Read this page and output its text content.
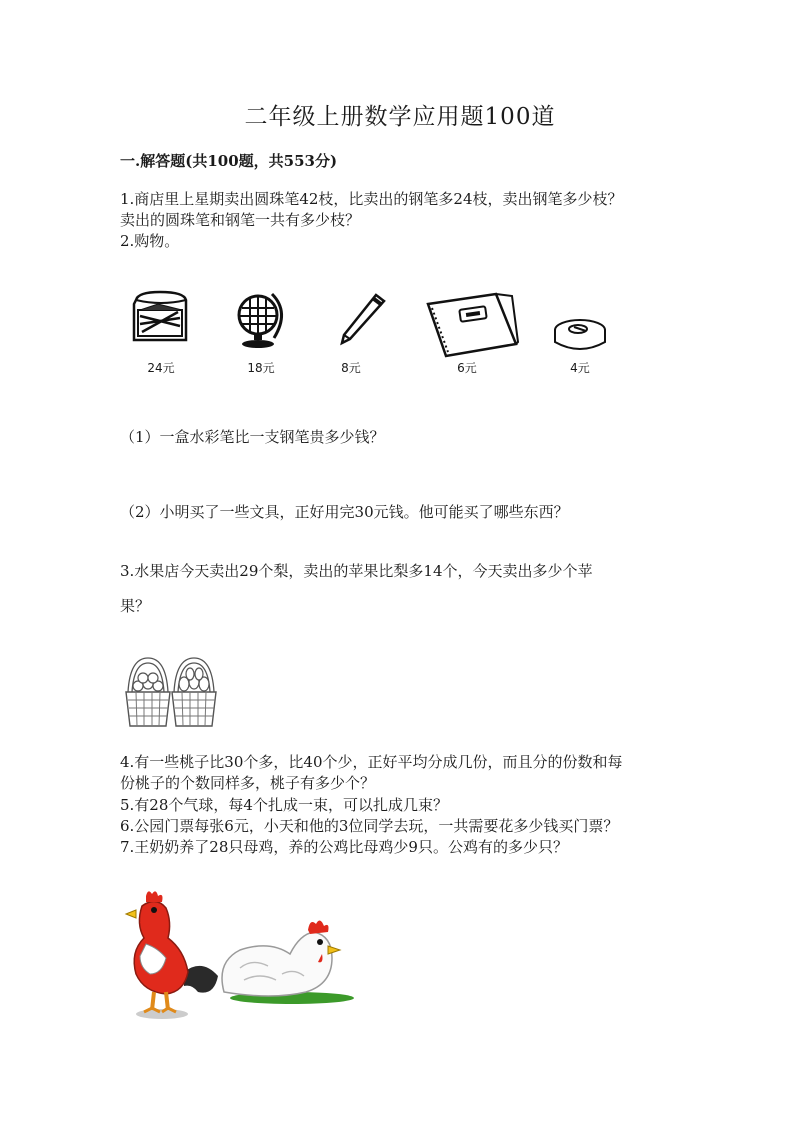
二年级上册数学应用题100道
一.解答题(共100题，共553分)
1.商店里上星期卖出圆珠笔42枝，比卖出的钢笔多24枝，卖出钢笔多少枝？
卖出的圆珠笔和钢笔一共有多少枝？
2.购物。
24元	18元	8元	6元	4元
（1）一盒水彩笔比一支钢笔贵多少钱？
（2）小明买了一些文具，正好用完30元钱。他可能买了哪些东西？
3.水果店今天卖出29个梨，卖出的苹果比梨多14个，今天卖出多少个苹
果？
4.有一些桃子比30个多，比40个少，正好平均分成几份，而且分的份数和每
份桃子的个数同样多，桃子有多少个？
5.有28个气球，每4个扎成一束，可以扎成几束？
6.公园门票每张6元，小天和他的3位同学去玩，一共需要花多少钱买门票？
7.王奶奶养了28只母鸡，养的公鸡比母鸡少9只。公鸡有的多少只？
